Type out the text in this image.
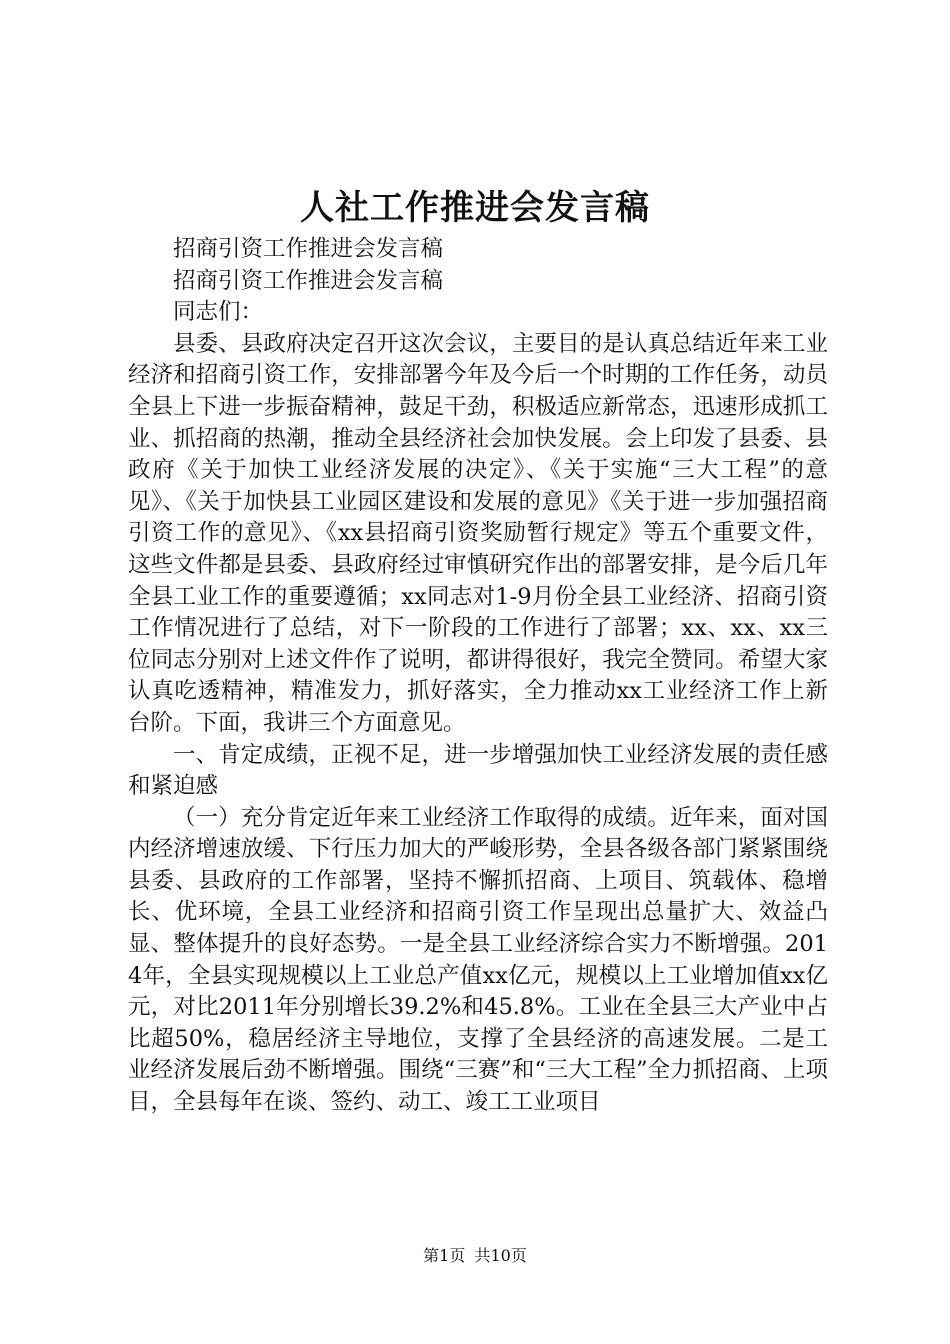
人社工作推进会发言稿

招商引资工作推进会发言稿

招商引资工作推进会发言稿

同志们：

县委、县政府决定召开这次会议，主要目的是认真总结近年来工业经济和招商引资工作，安排部署今年及今后一个时期的工作任务，动员全县上下进一步振奋精神，鼓足干劲，积极适应新常态，迅速形成抓工业、抓招商的热潮，推动全县经济社会加快发展。会上印发了县委、县政府《关于加快工业经济发展的决定》、《关于实施“三大工程”的意见》、《关于加快县工业园区建设和发展的意见》《关于进一步加强招商引资工作的意见》、《xx县招商引资奖励暂行规定》等五个重要文件，这些文件都是县委、县政府经过审慎研究作出的部署安排，是今后几年全县工业工作的重要遵循；xx同志对1-9月份全县工业经济、招商引资工作情况进行了总结，对下一阶段的工作进行了部署；xx、xx、xx三位同志分别对上述文件作了说明，都讲得很好，我完全赞同。希望大家认真吃透精神，精准发力，抓好落实，全力推动xx工业经济工作上新台阶。下面，我讲三个方面意见。

一、肯定成绩，正视不足，进一步增强加快工业经济发展的责任感和紧迫感

（一）充分肯定近年来工业经济工作取得的成绩。近年来，面对国内经济增速放缓、下行压力加大的严峻形势，全县各级各部门紧紧围绕县委、县政府的工作部署，坚持不懈抓招商、上项目、筑载体、稳增长、优环境，全县工业经济和招商引资工作呈现出总量扩大、效益凸显、整体提升的良好态势。一是全县工业经济综合实力不断增强。2014年，全县实现规模以上工业总产值xx亿元，规模以上工业增加值xx亿元，对比2011年分别增长39.2%和45.8%。工业在全县三大产业中占比超50%，稳居经济主导地位，支撑了全县经济的高速发展。二是工业经济发展后劲不断增强。围绕“三赛”和“三大工程”全力抓招商、上项目，全县每年在谈、签约、动工、竣工工业项目

第1页 共10页
